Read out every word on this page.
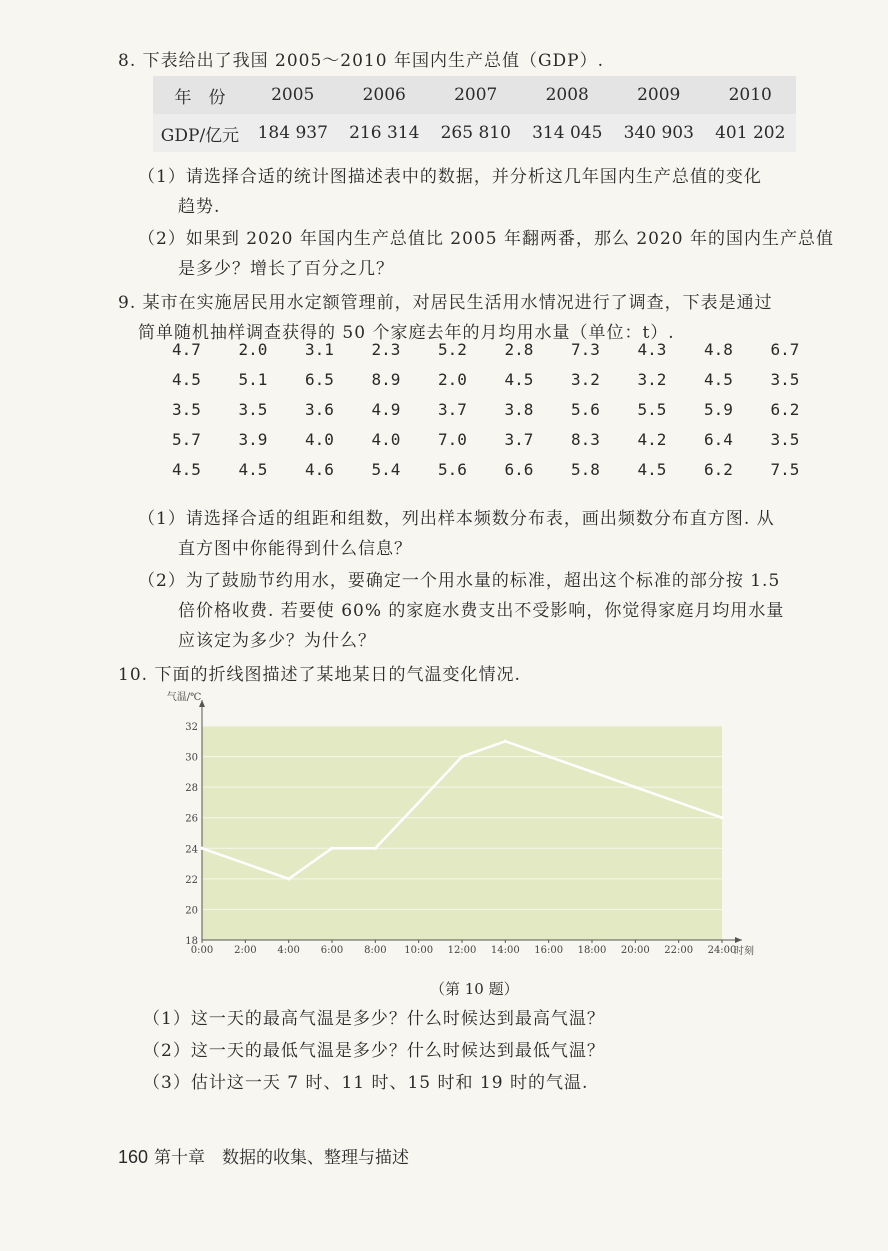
8. 下表给出了我国 2005～2010 年国内生产总值（GDP）.
年　份	2005	2006	2007	2008	2009	2010
GDP/亿元	184 937	216 314	265 810	314 045	340 903	401 202
（1）请选择合适的统计图描述表中的数据，并分析这几年国内生产总值的变化
趋势.
（2）如果到 2020 年国内生产总值比 2005 年翻两番，那么 2020 年的国内生产总值
是多少？增长了百分之几？
9. 某市在实施居民用水定额管理前，对居民生活用水情况进行了调查，下表是通过
简单随机抽样调查获得的 50 个家庭去年的月均用水量（单位：t）.
4.7	2.0	3.1	2.3	5.2	2.8	7.3	4.3	4.8	6.7
4.5	5.1	6.5	8.9	2.0	4.5	3.2	3.2	4.5	3.5
3.5	3.5	3.6	4.9	3.7	3.8	5.6	5.5	5.9	6.2
5.7	3.9	4.0	4.0	7.0	3.7	8.3	4.2	6.4	3.5
4.5	4.5	4.6	5.4	5.6	6.6	5.8	4.5	6.2	7.5
（1）请选择合适的组距和组数，列出样本频数分布表，画出频数分布直方图. 从
直方图中你能得到什么信息？
（2）为了鼓励节约用水，要确定一个用水量的标准，超出这个标准的部分按 1.5
倍价格收费. 若要使 60% 的家庭水费支出不受影响，你觉得家庭月均用水量
应该定为多少？为什么？
10. 下面的折线图描述了某地某日的气温变化情况.
18
20
22
24
26
28
30
32
0:00 2:00 4:00 6:00 8:00 10:00 12:00 14:00 16:00 18:00 20:00 22:00 24:00
气温/℃
时刻
（第 10 题）
（1）这一天的最高气温是多少？什么时候达到最高气温？
（2）这一天的最低气温是多少？什么时候达到最低气温？
（3）估计这一天 7 时、11 时、15 时和 19 时的气温.
160 第十章　数据的收集、整理与描述
